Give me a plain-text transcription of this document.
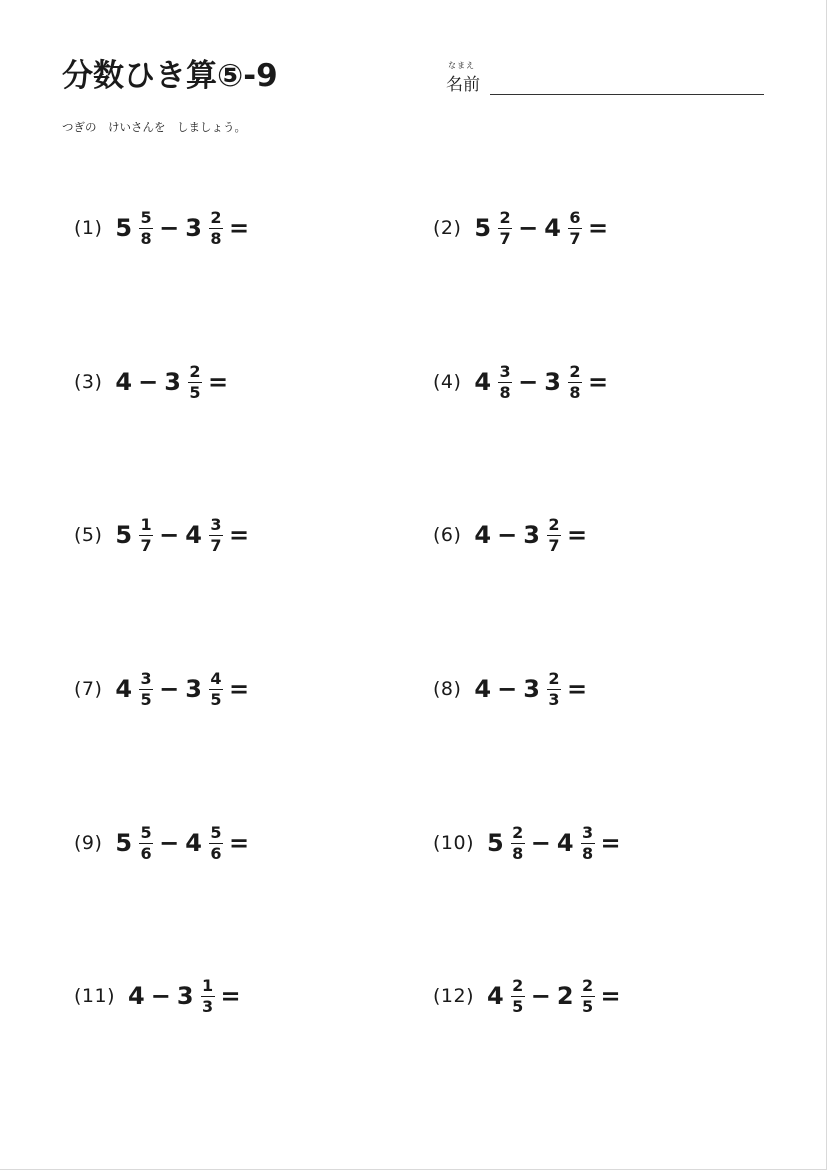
分数ひき算⑤-9	なまえ
名前
つぎの　けいさんを　しましょう。
(1) $5 \frac{5}{8} - 3 \frac{2}{8}$ =	(2) $5 \frac{2}{7} - 4 \frac{6}{7}$ =
(3) $4 - 3 \frac{2}{5}$ =	(4) $4 \frac{3}{8} - 3 \frac{2}{8}$ =
(5) $5 \frac{1}{7} - 4 \frac{3}{7}$ =	(6) $4 - 3 \frac{2}{7}$ =
(7) $4 \frac{3}{5} - 3 \frac{4}{5}$ =	(8) $4 - 3 \frac{2}{3}$ =
(9) $5 \frac{5}{6} - 4 \frac{5}{6}$ =	(10) $5 \frac{2}{8} - 4 \frac{3}{8}$ =
(11) $4 - 3 \frac{1}{3}$ =	(12) $4 \frac{2}{5} - 2 \frac{2}{5}$ =
